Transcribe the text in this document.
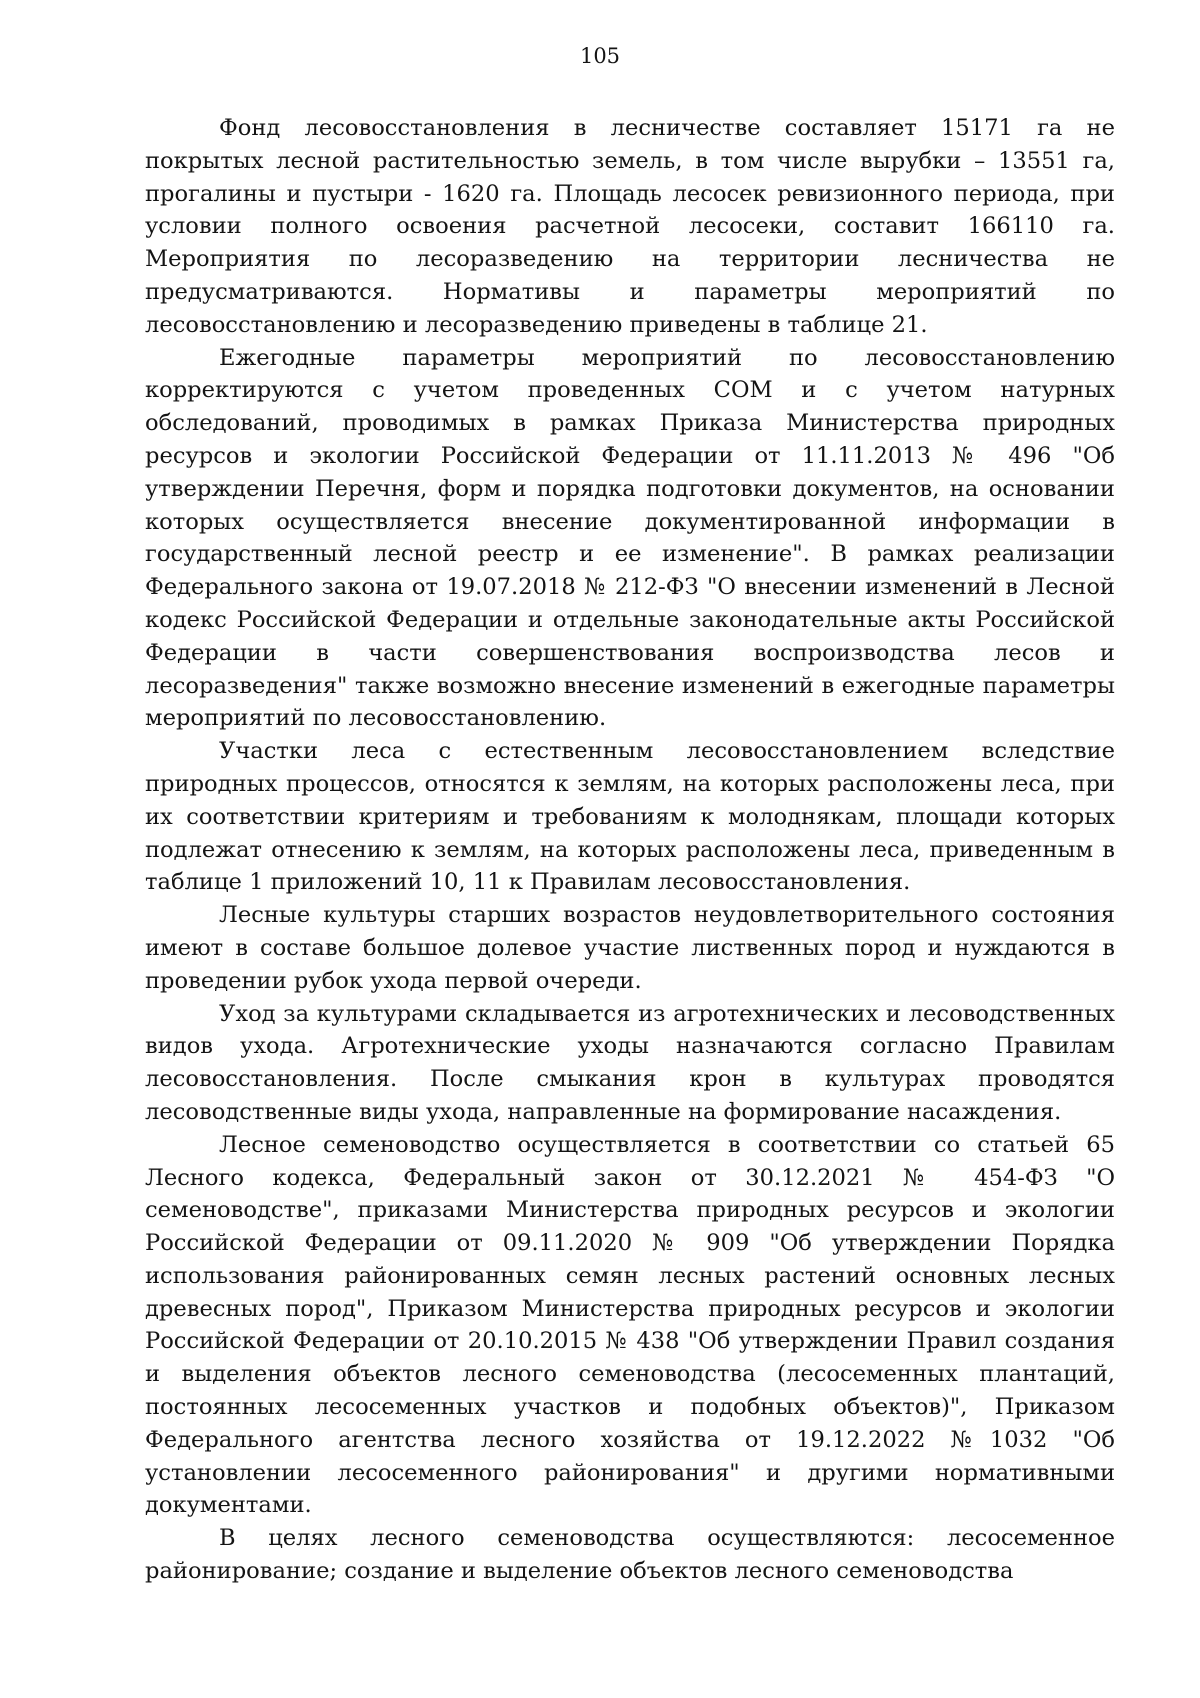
105

Фонд лесовосстановления в лесничестве составляет 15171 га не покрытых лесной растительностью земель, в том числе вырубки – 13551 га, прогалины и пустыри - 1620 га. Площадь лесосек ревизионного периода, при условии полного освоения расчетной лесосеки, составит 166110 га. Мероприятия по лесоразведению на территории лесничества не предусматриваются. Нормативы и параметры мероприятий по лесовосстановлению и лесоразведению приведены в таблице 21.

Ежегодные параметры мероприятий по лесовосстановлению корректируются с учетом проведенных СОМ и с учетом натурных обследований, проводимых в рамках Приказа Министерства природных ресурсов и экологии Российской Федерации от 11.11.2013 № 496 "Об утверждении Перечня, форм и порядка подготовки документов, на основании которых осуществляется внесение документированной информации в государственный лесной реестр и ее изменение". В рамках реализации Федерального закона от 19.07.2018 № 212-ФЗ "О внесении изменений в Лесной кодекс Российской Федерации и отдельные законодательные акты Российской Федерации в части совершенствования воспроизводства лесов и лесоразведения" также возможно внесение изменений в ежегодные параметры мероприятий по лесовосстановлению.

Участки леса с естественным лесовосстановлением вследствие природных процессов, относятся к землям, на которых расположены леса, при их соответствии критериям и требованиям к молоднякам, площади которых подлежат отнесению к землям, на которых расположены леса, приведенным в таблице 1 приложений 10, 11 к Правилам лесовосстановления.

Лесные культуры старших возрастов неудовлетворительного состояния имеют в составе большое долевое участие лиственных пород и нуждаются в проведении рубок ухода первой очереди.

Уход за культурами складывается из агротехнических и лесоводственных видов ухода. Агротехнические уходы назначаются согласно Правилам лесовосстановления. После смыкания крон в культурах проводятся лесоводственные виды ухода, направленные на формирование насаждения.

Лесное семеноводство осуществляется в соответствии со статьей 65 Лесного кодекса, Федеральный закон от 30.12.2021 № 454-ФЗ "О семеноводстве", приказами Министерства природных ресурсов и экологии Российской Федерации от 09.11.2020 № 909 "Об утверждении Порядка использования районированных семян лесных растений основных лесных древесных пород", Приказом Министерства природных ресурсов и экологии Российской Федерации от 20.10.2015 № 438 "Об утверждении Правил создания и выделения объектов лесного семеноводства (лесосеменных плантаций, постоянных лесосеменных участков и подобных объектов)", Приказом Федерального агентства лесного хозяйства от 19.12.2022 №1032 "Об установлении лесосеменного районирования" и другими нормативными документами.

В целях лесного семеноводства осуществляются: лесосеменное районирование; создание и выделение объектов лесного семеноводства
